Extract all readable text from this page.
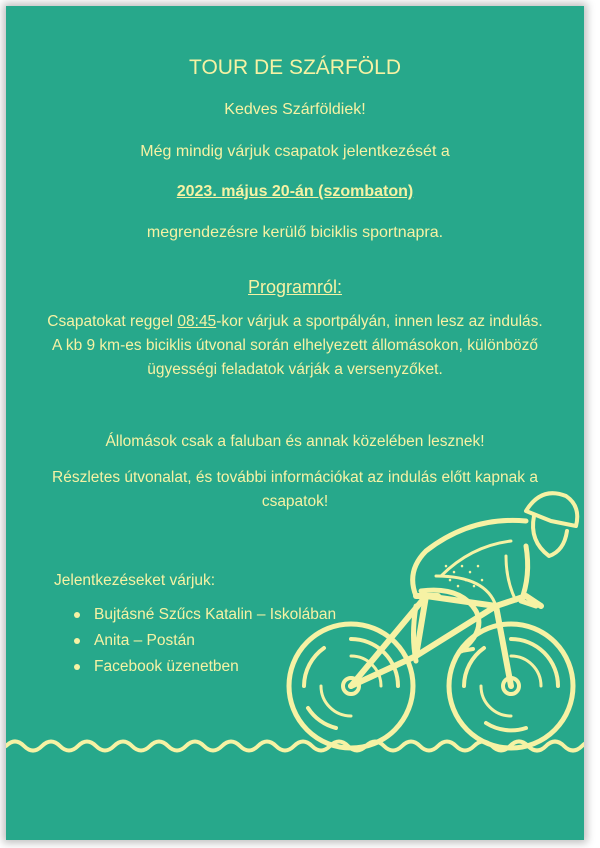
TOUR DE SZÁRFÖLD
Kedves Szárföldiek!
Még mindig várjuk csapatok jelentkezését a
2023. május 20-án (szombaton)
megrendezésre kerülő biciklis sportnapra.
Programról:
Csapatokat reggel 08:45-kor várjuk a sportpályán, innen lesz az indulás. A kb 9 km-es biciklis útvonal során elhelyezett állomásokon, különböző ügyességi feladatok várják a versenyzőket.
Állomások csak a faluban és annak közelében lesznek!
Részletes útvonalat, és további információkat az indulás előtt kapnak a csapatok!
Jelentkezéseket várjuk:
Bujtásné Szűcs Katalin – Iskolában
Anita – Postán
Facebook üzenetben
